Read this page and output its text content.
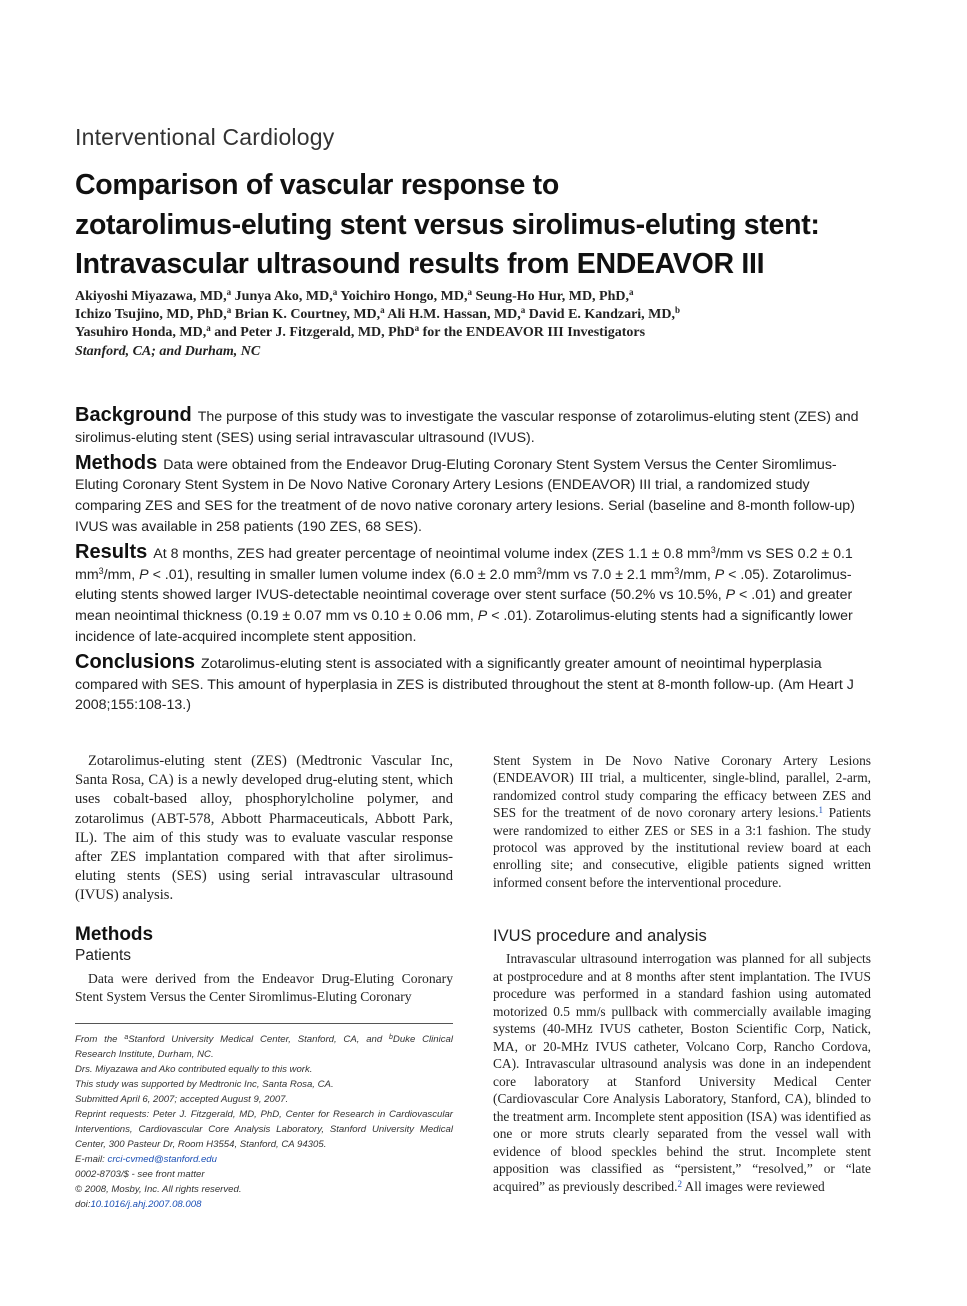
Interventional Cardiology
Comparison of vascular response to
zotarolimus-eluting stent versus sirolimus-eluting stent:
Intravascular ultrasound results from ENDEAVOR III
Akiyoshi Miyazawa, MD,$^a$ Junya Ako, MD,$^a$ Yoichiro Hongo, MD,$^a$ Seung-Ho Hur, MD, PhD,$^a$
Ichizo Tsujino, MD, PhD,$^a$ Brian K. Courtney, MD,$^a$ Ali H.M. Hassan, MD,$^a$ David E. Kandzari, MD,$^b$
Yasuhiro Honda, MD,$^a$ and Peter J. Fitzgerald, MD, PhD$^a$ for the ENDEAVOR III Investigators
Stanford, CA; and Durham, NC

Background The purpose of this study was to investigate the vascular response of zotarolimus-eluting stent (ZES) and sirolimus-eluting stent (SES) using serial intravascular ultrasound (IVUS).

Methods Data were obtained from the Endeavor Drug-Eluting Coronary Stent System Versus the Center Siromlimus-Eluting Coronary Stent System in De Novo Native Coronary Artery Lesions (ENDEAVOR) III trial, a randomized study comparing ZES and SES for the treatment of de novo native coronary artery lesions. Serial (baseline and 8-month follow-up) IVUS was available in 258 patients (190 ZES, 68 SES).

Results At 8 months, ZES had greater percentage of neointimal volume index (ZES 1.1 ± 0.8 $mm^3/mm$ vs SES 0.2 ± 0.1 $mm^3/mm$, P < .01), resulting in smaller lumen volume index (6.0 ± 2.0 $mm^3/mm$ vs 7.0 ± 2.1 $mm^3/mm$, P < .05). Zotarolimus-eluting stents showed larger IVUS-detectable neointimal coverage over stent surface (50.2% vs 10.5%, P < .01) and greater mean neointimal thickness (0.19 ± 0.07 mm vs 0.10 ± 0.06 mm, P < .01). Zotarolimus-eluting stents had a significantly lower incidence of late-acquired incomplete stent apposition.

Conclusions Zotarolimus-eluting stent is associated with a significantly greater amount of neointimal hyperplasia compared with SES. This amount of hyperplasia in ZES is distributed throughout the stent at 8-month follow-up. (Am Heart J 2008;155:108-13.)

Zotarolimus-eluting stent (ZES) (Medtronic Vascular Inc, Santa Rosa, CA) is a newly developed drug-eluting stent, which uses cobalt-based alloy, phosphorylcholine polymer, and zotarolimus (ABT-578, Abbott Pharmaceuticals, Abbott Park, IL). The aim of this study was to evaluate vascular response after ZES implantation compared with that after sirolimus-eluting stents (SES) using serial intravascular ultrasound (IVUS) analysis.

Methods
Patients

Data were derived from the Endeavor Drug-Eluting Coronary Stent System Versus the Center Siromlimus-Eluting Coronary

From the $^a$Stanford University Medical Center, Stanford, CA, and $^b$Duke Clinical Research Institute, Durham, NC.
Drs. Miyazawa and Ako contributed equally to this work.
This study was supported by Medtronic Inc, Santa Rosa, CA.
Submitted April 6, 2007; accepted August 9, 2007.
Reprint requests: Peter J. Fitzgerald, MD, PhD, Center for Research in Cardiovascular Interventions, Cardiovascular Core Analysis Laboratory, Stanford University Medical Center, 300 Pasteur Dr, Room H3554, Stanford, CA 94305.
E-mail: crci-cvmed@stanford.edu
0002-8703/$ - see front matter
© 2008, Mosby, Inc. All rights reserved.
doi:10.1016/j.ahj.2007.08.008

Stent System in De Novo Native Coronary Artery Lesions (ENDEAVOR) III trial, a multicenter, single-blind, parallel, 2-arm, randomized control study comparing the efficacy between ZES and SES for the treatment of de novo coronary artery lesions.$^1$ Patients were randomized to either ZES or SES in a 3:1 fashion. The study protocol was approved by the institutional review board at each enrolling site; and consecutive, eligible patients signed written informed consent before the interventional procedure.

IVUS procedure and analysis

Intravascular ultrasound interrogation was planned for all subjects at postprocedure and at 8 months after stent implantation. The IVUS procedure was performed in a standard fashion using automated motorized 0.5 mm/s pullback with commercially available imaging systems (40-MHz IVUS catheter, Boston Scientific Corp, Natick, MA, or 20-MHz IVUS catheter, Volcano Corp, Rancho Cordova, CA). Intravascular ultrasound analysis was done in an independent core laboratory at Stanford University Medical Center (Cardiovascular Core Analysis Laboratory, Stanford, CA), blinded to the treatment arm. Incomplete stent apposition (ISA) was identified as one or more struts clearly separated from the vessel wall with evidence of blood speckles behind the strut. Incomplete stent apposition was classified as “persistent,” “resolved,” or “late acquired” as previously described.$^2$ All images were reviewed
